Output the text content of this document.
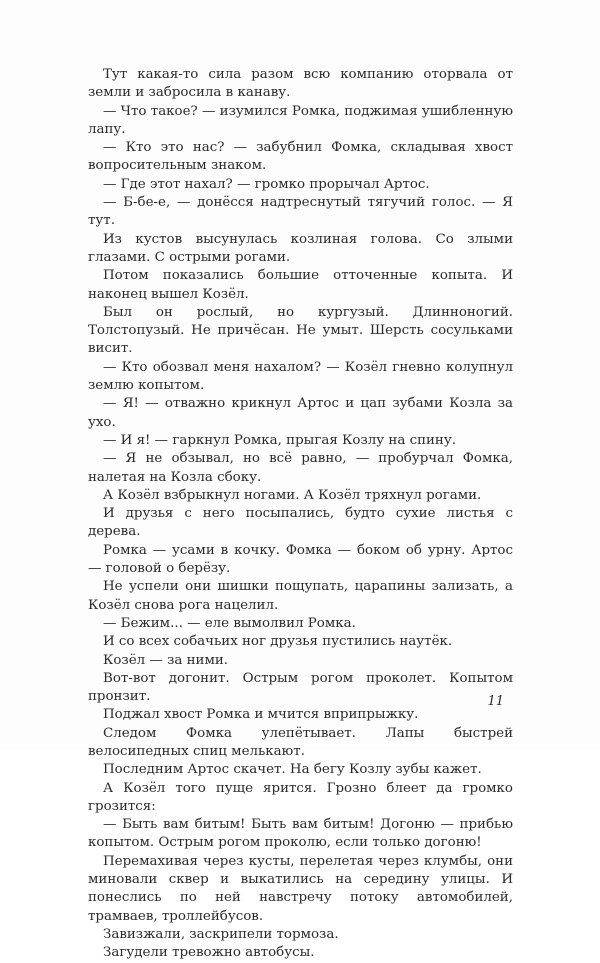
Тут какая-то сила разом всю компанию оторвала от земли и забросила в канаву.

— Что такое? — изумился Ромка, поджимая ушибленную лапу.

— Кто это нас? — забубнил Фомка, складывая хвост вопросительным знаком.

— Где этот нахал? — громко прорычал Артос.

— Б-бе-е, — донёсся надтреснутый тягучий голос. — Я тут.

Из кустов высунулась козлиная голова. Со злыми глазами. С острыми рогами.

Потом показались большие отточенные копыта. И наконец вышел Козёл.

Был он рослый, но кургузый. Длинноногий. Толстопузый. Не причёсан. Не умыт. Шерсть сосульками висит.

— Кто обозвал меня нахалом? — Козёл гневно колупнул землю копытом.

— Я! — отважно крикнул Артос и цап зубами Козла за ухо.

— И я! — гаркнул Ромка, прыгая Козлу на спину.

— Я не обзывал, но всё равно, — пробурчал Фомка, налетая на Козла сбоку.

А Козёл взбрыкнул ногами. А Козёл тряхнул рогами.

И друзья с него посыпались, будто сухие листья с дерева.

Ромка — усами в кочку. Фомка — боком об урну. Артос — головой о берёзу.

Не успели они шишки пощупать, царапины зализать, а Козёл снова рога нацелил.

— Бежим... — еле вымолвил Ромка.

И со всех собачьих ног друзья пустились наутёк.

Козёл — за ними.

Вот-вот догонит. Острым рогом проколет. Копытом пронзит.

Поджал хвост Ромка и мчится вприпрыжку.

Следом Фомка улепётывает. Лапы быстрей велосипедных спиц мелькают.

Последним Артос скачет. На бегу Козлу зубы кажет.

А Козёл того пуще ярится. Грозно блеет да громко грозится:

— Быть вам битым! Быть вам битым! Догоню — прибью копытом. Острым рогом проколю, если только догоню!

Перемахивая через кусты, перелетая через клумбы, они миновали сквер и выкатились на середину улицы. И понеслись по ней навстречу потоку автомобилей, трамваев, троллейбусов.

Завизжали, заскрипели тормоза.

Загудели тревожно автобусы.

11
